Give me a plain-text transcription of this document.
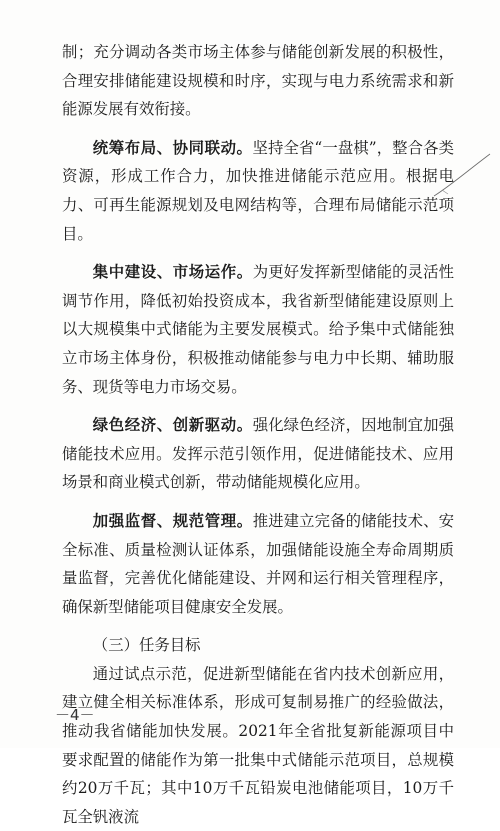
制；充分调动各类市场主体参与储能创新发展的积极性，合理安排储能建设规模和时序，实现与电力系统需求和新能源发展有效衔接。

统筹布局、协同联动。坚持全省“一盘棋”，整合各类资源，形成工作合力，加快推进储能示范应用。根据电力、可再生能源规划及电网结构等，合理布局储能示范项目。

集中建设、市场运作。为更好发挥新型储能的灵活性调节作用，降低初始投资成本，我省新型储能建设原则上以大规模集中式储能为主要发展模式。给予集中式储能独立市场主体身份，积极推动储能参与电力中长期、辅助服务、现货等电力市场交易。

绿色经济、创新驱动。强化绿色经济，因地制宜加强储能技术应用。发挥示范引领作用，促进储能技术、应用场景和商业模式创新，带动储能规模化应用。

加强监督、规范管理。推进建立完备的储能技术、安全标准、质量检测认证体系，加强储能设施全寿命周期质量监督，完善优化储能建设、并网和运行相关管理程序，确保新型储能项目健康安全发展。

（三）任务目标

通过试点示范，促进新型储能在省内技术创新应用，建立健全相关标准体系，形成可复制易推广的经验做法，推动我省储能加快发展。2021年全省批复新能源项目中要求配置的储能作为第一批集中式储能示范项目，总规模约20万千瓦；其中10万千瓦铅炭电池储能项目，10万千瓦全钒液流

－4－
